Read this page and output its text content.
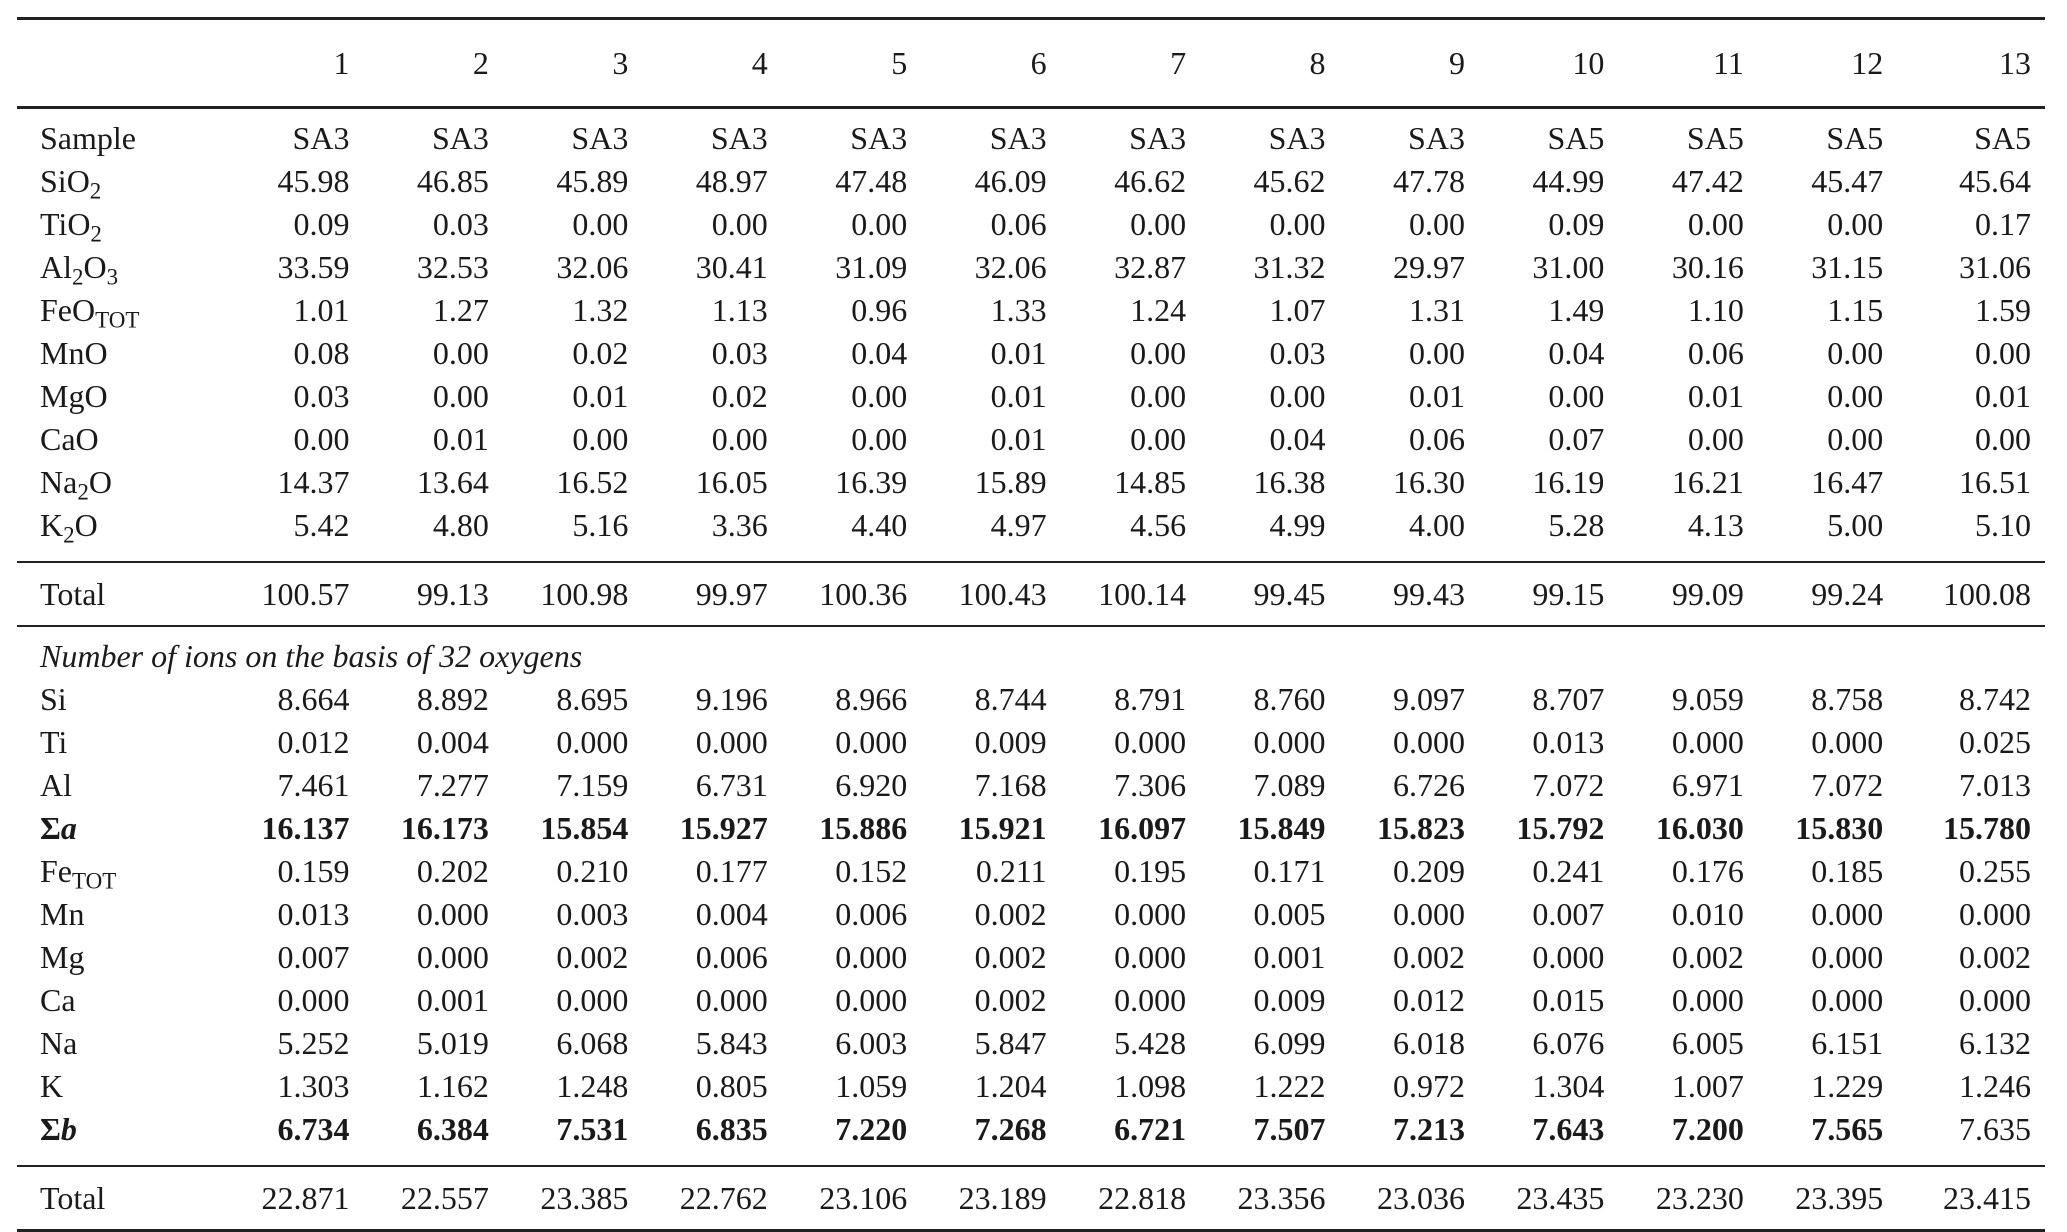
	1	2	3	4	5	6	7	8	9	10	11	12	13
Sample	SA3	SA3	SA3	SA3	SA3	SA3	SA3	SA3	SA3	SA5	SA5	SA5	SA5
SiO$_2$	45.98	46.85	45.89	48.97	47.48	46.09	46.62	45.62	47.78	44.99	47.42	45.47	45.64
TiO$_2$	0.09	0.03	0.00	0.00	0.00	0.06	0.00	0.00	0.00	0.09	0.00	0.00	0.17
$Al_2O_3$	33.59	32.53	32.06	30.41	31.09	32.06	32.87	31.32	29.97	31.00	30.16	31.15	31.06
FeO$_{TOT}$	1.01	1.27	1.32	1.13	0.96	1.33	1.24	1.07	1.31	1.49	1.10	1.15	1.59
MnO	0.08	0.00	0.02	0.03	0.04	0.01	0.00	0.03	0.00	0.04	0.06	0.00	0.00
MgO	0.03	0.00	0.01	0.02	0.00	0.01	0.00	0.00	0.01	0.00	0.01	0.00	0.01
CaO	0.00	0.01	0.00	0.00	0.00	0.01	0.00	0.04	0.06	0.07	0.00	0.00	0.00
$Na_2O$	14.37	13.64	16.52	16.05	16.39	15.89	14.85	16.38	16.30	16.19	16.21	16.47	16.51
$K_2O$	5.42	4.80	5.16	3.36	4.40	4.97	4.56	4.99	4.00	5.28	4.13	5.00	5.10
Total	100.57	99.13	100.98	99.97	100.36	100.43	100.14	99.45	99.43	99.15	99.09	99.24	100.08
Number of ions on the basis of 32 oxygens													
Si	8.664	8.892	8.695	9.196	8.966	8.744	8.791	8.760	9.097	8.707	9.059	8.758	8.742
Ti	0.012	0.004	0.000	0.000	0.000	0.009	0.000	0.000	0.000	0.013	0.000	0.000	0.025
Al	7.461	7.277	7.159	6.731	6.920	7.168	7.306	7.089	6.726	7.072	6.971	7.072	7.013
Σa	16.137	16.173	15.854	15.927	15.886	15.921	16.097	15.849	15.823	15.792	16.030	15.830	15.780
$Fe_{TOT}$	0.159	0.202	0.210	0.177	0.152	0.211	0.195	0.171	0.209	0.241	0.176	0.185	0.255
Mn	0.013	0.000	0.003	0.004	0.006	0.002	0.000	0.005	0.000	0.007	0.010	0.000	0.000
Mg	0.007	0.000	0.002	0.006	0.000	0.002	0.000	0.001	0.002	0.000	0.002	0.000	0.002
Ca	0.000	0.001	0.000	0.000	0.000	0.002	0.000	0.009	0.012	0.015	0.000	0.000	0.000
Na	5.252	5.019	6.068	5.843	6.003	5.847	5.428	6.099	6.018	6.076	6.005	6.151	6.132
K	1.303	1.162	1.248	0.805	1.059	1.204	1.098	1.222	0.972	1.304	1.007	1.229	1.246
Σb	6.734	6.384	7.531	6.835	7.220	7.268	6.721	7.507	7.213	7.643	7.200	7.565	7.635
Total	22.871	22.557	23.385	22.762	23.106	23.189	22.818	23.356	23.036	23.435	23.230	23.395	23.415
